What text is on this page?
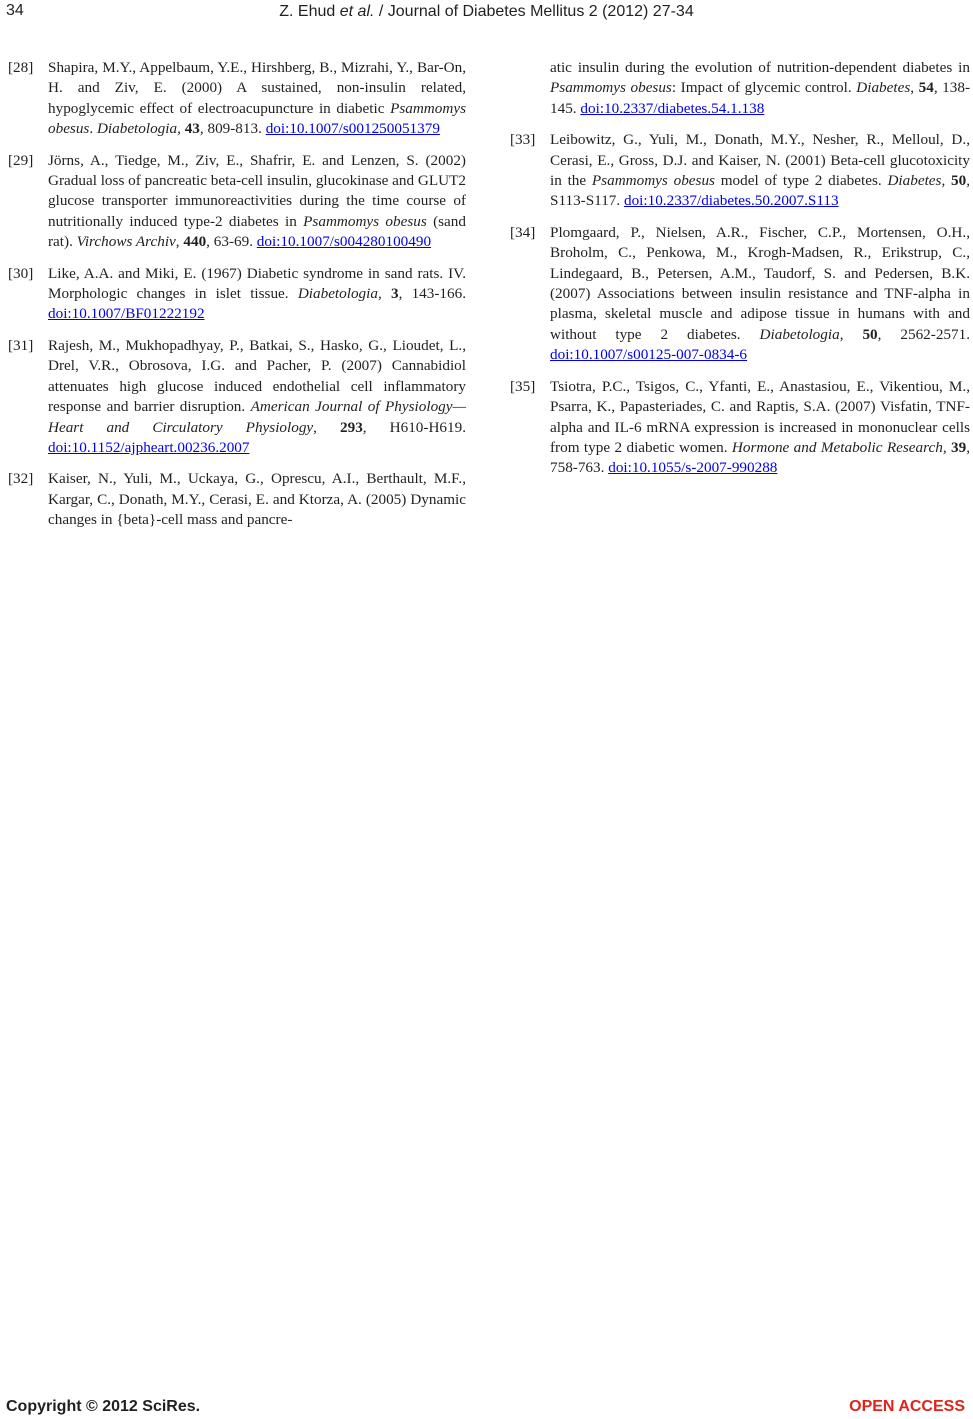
34	Z. Ehud et al. / Journal of Diabetes Mellitus 2 (2012) 27-34
[28] Shapira, M.Y., Appelbaum, Y.E., Hirshberg, B., Mizrahi, Y., Bar-On, H. and Ziv, E. (2000) A sustained, non-insulin related, hypoglycemic effect of electroacupuncture in diabetic Psammomys obesus. Diabetologia, 43, 809-813. doi:10.1007/s001250051379
[29] Jörns, A., Tiedge, M., Ziv, E., Shafrir, E. and Lenzen, S. (2002) Gradual loss of pancreatic beta-cell insulin, glucokinase and GLUT2 glucose transporter immunoreactivities during the time course of nutritionally induced type-2 diabetes in Psammomys obesus (sand rat). Virchows Archiv, 440, 63-69. doi:10.1007/s004280100490
[30] Like, A.A. and Miki, E. (1967) Diabetic syndrome in sand rats. IV. Morphologic changes in islet tissue. Diabetologia, 3, 143-166. doi:10.1007/BF01222192
[31] Rajesh, M., Mukhopadhyay, P., Batkai, S., Hasko, G., Lioudet, L., Drel, V.R., Obrosova, I.G. and Pacher, P. (2007) Cannabidiol attenuates high glucose induced endothelial cell inflammatory response and barrier disruption. American Journal of Physiology—Heart and Circulatory Physiology, 293, H610-H619. doi:10.1152/ajpheart.00236.2007
[32] Kaiser, N., Yuli, M., Uckaya, G., Oprescu, A.I., Berthault, M.F., Kargar, C., Donath, M.Y., Cerasi, E. and Ktorza, A. (2005) Dynamic changes in {beta}-cell mass and pancre-
atic insulin during the evolution of nutrition-dependent diabetes in Psammomys obesus: Impact of glycemic control. Diabetes, 54, 138-145. doi:10.2337/diabetes.54.1.138
[33] Leibowitz, G., Yuli, M., Donath, M.Y., Nesher, R., Melloul, D., Cerasi, E., Gross, D.J. and Kaiser, N. (2001) Beta-cell glucotoxicity in the Psammomys obesus model of type 2 diabetes. Diabetes, 50, S113-S117. doi:10.2337/diabetes.50.2007.S113
[34] Plomgaard, P., Nielsen, A.R., Fischer, C.P., Mortensen, O.H., Broholm, C., Penkowa, M., Krogh-Madsen, R., Erikstrup, C., Lindegaard, B., Petersen, A.M., Taudorf, S. and Pedersen, B.K. (2007) Associations between insulin resistance and TNF-alpha in plasma, skeletal muscle and adipose tissue in humans with and without type 2 diabetes. Diabetologia, 50, 2562-2571. doi:10.1007/s00125-007-0834-6
[35] Tsiotra, P.C., Tsigos, C., Yfanti, E., Anastasiou, E., Vikentiou, M., Psarra, K., Papasteriades, C. and Raptis, S.A. (2007) Visfatin, TNF-alpha and IL-6 mRNA expression is increased in mononuclear cells from type 2 diabetic women. Hormone and Metabolic Research, 39, 758-763. doi:10.1055/s-2007-990288
Copyright © 2012 SciRes.	OPEN ACCESS
